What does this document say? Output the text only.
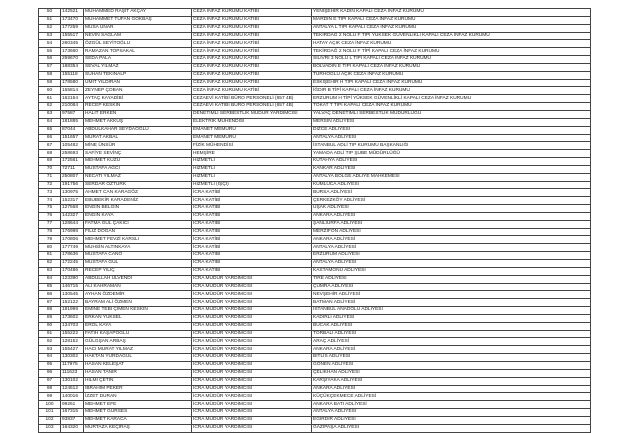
50	142521	MUHAMMED RAŞİT AKÇAY	CEZA İNFAZ KURUMU KATİBİ	YENİŞEHİR KADIN KAPALI CEZA İNFAZ KURUMU
51	173470	MUHAMMET TUFAN GÖKBAŞ	CEZA İNFAZ KURUMU KATİBİ	MARDİN E TİPİ KAPALI CEZA İNFAZ KURUMU
52	177259	MUSA ÜNAR	CEZA İNFAZ KURUMU KATİBİ	ANTALYA L TİPİ KAPALI CEZA İNFAZ KURUMU
53	155517	NEVİN SAĞLAM	CEZA İNFAZ KURUMU KATİBİ	TEKİRDAĞ 2 NOLU F TİPİ YÜKSEK GÜVENLİKLİ KAPALI CEZA İNFAZ KURUMU
54	260345	ÖZGÜL SEYİTOĞLU	CEZA İNFAZ KURUMU KATİBİ	HATAY AÇIK CEZA İNFAZ KURUMU
55	173660	RAMAZAN TOPSAKAL	CEZA İNFAZ KURUMU KATİBİ	TEKİRDAĞ 2 NOLU F TİPİ KAPALI CEZA İNFAZ KURUMU
56	259670	SEDA PALA	CEZA İNFAZ KURUMU KATİBİ	SİLİVRİ 3 NOLU L TİPİ KAPALI CEZA İNFAZ KURUMU
57	188354	SEVAL YILMAZ	CEZA İNFAZ KURUMU KATİBİ	BOLVADİN E TİPİ KAPALI CEZA İNFAZ KURUMU
58	155118	SÜHAN TEKİNALP	CEZA İNFAZ KURUMU KATİBİ	TURHOĞLU AÇIK CEZA İNFAZ KURUMU
59	178580	ÜMİT YILDIRAN	CEZA İNFAZ KURUMU KATİBİ	ESKİŞEHİR H TİPİ KAPALI CEZA İNFAZ KURUMU
60	155814	ZEYNEP ÇOBAN	CEZA İNFAZ KURUMU KATİBİ	İĞDIR B TİPİ KAPALI CEZA İNFAZ KURUMU
61	162154	AYTAÇ KAYADİBİ	CEZAEVİ KATİBİ BÜRO PERSONELİ (657 4B)	ERZURUM H TİPİ YÜKSEK GÜVENLİKLİ KAPALI CEZA İNFAZ KURUMU
62	210084	RECEP KESKİN	CEZAEVİ KATİBİ BÜRO PERSONELİ (657 4B)	TOKAT T TİPİ KAPALI CEZA İNFAZ KURUMU
63	97587	HALİT ERKEN	DENETİMLİ SERBESTLİK MÜDÜR YARDIMCISI	YALVAÇ DENETİMLİ SERBESTLİK MÜDÜRLÜĞÜ
64	181885	MEHMET AKKUŞ	ELEKTRİK MÜHENDİSİ	MERSİN ADLİYESİ
65	87044	ABDULKAHAR SEYDAOĞLU	EMANET MEMURU	DİZCE ADLİYESİ
66	151657	MURAT AKBAL	EMANET MEMURU	ANTALYA ADLİYESİ
67	105482	MİNE ÜNSÜR	FİZİK MÜHENDİSİ	İSTANBUL ADLİ TIP KURUMU BAŞKANLIĞI
68	258693	SAFİYE SEVİNÇ	HEMŞİRE	YAMADA ADLİ TIP ŞUBE MÜDÜRLÜĞÜ
69	172561	MEHMET KUZU	HİZMETLİ	KÜTAHYA ADLİYESİ
70	72711	MUSTAFA AĞCI	HİZMETLİ	KANKAR ADLİYESİ
71	250807	NECATİ YILMAZ	HİZMETLİ	ANTALYA BÖLGE ADLİYE MAHKEMESİ
72	191756	SERDAR ÖZTÜRK	HİZMETLİ (İŞÇİ)	KUMLUCA ADLİYESİ
73	130975	AHMET CAN KARAGÖZ	İCRA KATİBİ	BURSA ADLİYESİ
74	152317	EBUBEKİR KARADENİZ	İCRA KATİBİ	ÇERKEZKÖY ADLİYESİ
75	127568	ENGİN BELGİN	İCRA KATİBİ	UŞAK ADLİYESİ
76	142327	ENGİN KAYA	İCRA KATİBİ	ANKARA ADLİYESİ
77	128644	FATMA GÜL ÇAKICI	İCRA KATİBİ	ŞANLIURFA ADLİYESİ
78	176998	FİLİZ DOĞAN	İCRA KATİBİ	MERZİFON ADLİYESİ
79	170806	MEHMET FEVZİ KARSLI	İCRA KATİBİ	ANKARA ADLİYESİ
80	177749	MUHSİN ALTINKAYA	İCRA KATİBİ	ANTALYA ADLİYESİ
81	178636	MUSTAFA CANO	İCRA KATİBİ	ERZURUM ADLİYESİ
82	172245	MUSTAFA GÜL	İCRA KATİBİ	ANTALYA ADLİYESİ
83	170486	RECEP YILIÇ	İCRA KATİBİ	KASTAMONU ADLİYESİ
84	123390	ABDULLAH ÜLVENDİ	İCRA MÜDÜR YARDIMCISI	TİRE ADLİYESİ
85	146715	ALİ KAHRAMAN	İCRA MÜDÜR YARDIMCISI	ÇUMRA ADLİYESİ
86	130545	AYHAN ÖZDEMİR	İCRA MÜDÜR YARDIMCISI	NEVŞEHİR ADLİYESİ
87	152122	BAYRAM ALİ ÖZMEN	İCRA MÜDÜR YARDIMCISI	BATMAN ADLİYESİ
88	181999	EMİNE TEBİ ÇİMEN KESKİN	İCRA MÜDÜR YARDIMCISI	İSTANBUL ANADOLU ADLİYESİ
89	173602	ERKAN YÜKSEL	İCRA MÜDÜR YARDIMCISI	KADIRLI ADLİYESİ
90	134703	EROL KAYA	İCRA MÜDÜR YARDIMCISI	BUCAK ADLİYESİ
91	155222	FATİH KAŞAPOĞLU	İCRA MÜDÜR YARDIMCISI	TORBALI ADLİYESİ
92	128152	GÜLGŞAN ARBAŞ	İCRA MÜDÜR YARDIMCISI	ARAÇ ADLİYESİ
93	155427	HACI MURAT YILMAZ	İCRA MÜDÜR YARDIMCISI	ANKARA ADLİYESİ
94	130302	HAKTAN YURDAGÜL	İCRA MÜDÜR YARDIMCISI	BİTLİS ADLİYESİ
95	117975	HASAN KELEŞAT	İCRA MÜDÜR YARDIMCISI	GÖNEN ADLİYESİ
96	111623	HASAN TANIR	İCRA MÜDÜR YARDIMCISI	ÇELİKHAN ADLİYESİ
97	130102	HİLMİ ÇETİN	İCRA MÜDÜR YARDIMCISI	KARŞIYAKA ADLİYESİ
98	124612	İBRAHİM PEKER	İCRA MÜDÜR YARDIMCISI	ANKARA ADLİYESİ
99	140016	İZZET DURAN	İCRA MÜDÜR YARDIMCISI	KÜÇÜKÇEKMECE ADLİYESİ
100	99261	MEHMET EFE	İCRA MÜDÜR YARDIMCISI	ANKARA BATI ADLİYESİ
101	167315	MEHMET GÜRSES	İCRA MÜDÜR YARDIMCISI	ANTALYA ADLİYESİ
102	93837	MEHMET KARACA	İCRA MÜDÜR YARDIMCISI	EĞİRDİR ADLİYESİ
103	164320	MURTAZA KEÇİRAŞ	İCRA MÜDÜR YARDIMCISI	GAZİPAŞA ADLİYESİ
